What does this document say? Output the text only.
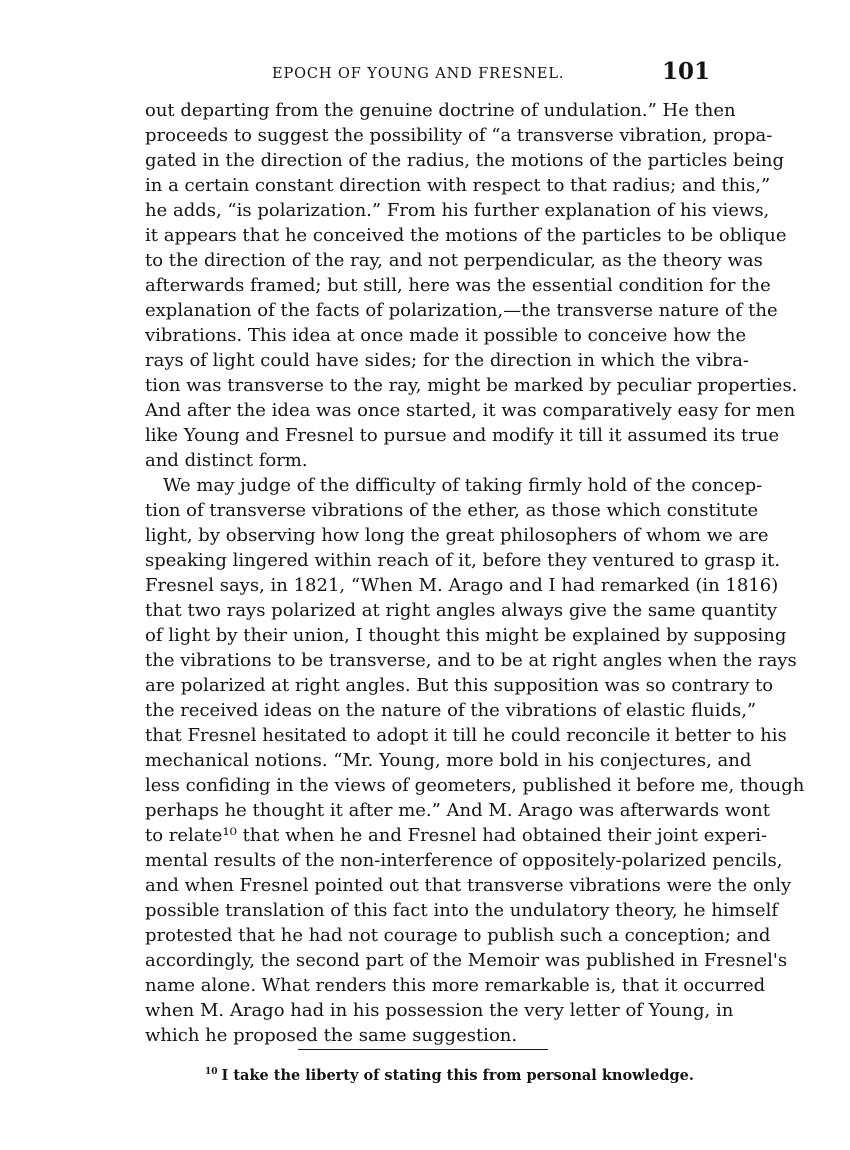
EPOCH OF YOUNG AND FRESNEL.	101
out departing from the genuine doctrine of undulation.” He then
proceeds to suggest the possibility of “a transverse vibration, propa-
gated in the direction of the radius, the motions of the particles being
in a certain constant direction with respect to that radius; and this,”
he adds, “is polarization.” From his further explanation of his views,
it appears that he conceived the motions of the particles to be oblique
to the direction of the ray, and not perpendicular, as the theory was
afterwards framed; but still, here was the essential condition for the
explanation of the facts of polarization,—the transverse nature of the
vibrations. This idea at once made it possible to conceive how the
rays of light could have sides; for the direction in which the vibra-
tion was transverse to the ray, might be marked by peculiar properties.
And after the idea was once started, it was comparatively easy for men
like Young and Fresnel to pursue and modify it till it assumed its true
and distinct form.
We may judge of the difficulty of taking firmly hold of the concep-
tion of transverse vibrations of the ether, as those which constitute
light, by observing how long the great philosophers of whom we are
speaking lingered within reach of it, before they ventured to grasp it.
Fresnel says, in 1821, “When M. Arago and I had remarked (in 1816)
that two rays polarized at right angles always give the same quantity
of light by their union, I thought this might be explained by supposing
the vibrations to be transverse, and to be at right angles when the rays
are polarized at right angles. But this supposition was so contrary to
the received ideas on the nature of the vibrations of elastic fluids,”
that Fresnel hesitated to adopt it till he could reconcile it better to his
mechanical notions. “Mr. Young, more bold in his conjectures, and
less confiding in the views of geometers, published it before me, though
perhaps he thought it after me.” And M. Arago was afterwards wont
to relate¹⁰ that when he and Fresnel had obtained their joint experi-
mental results of the non-interference of oppositely-polarized pencils,
and when Fresnel pointed out that transverse vibrations were the only
possible translation of this fact into the undulatory theory, he himself
protested that he had not courage to publish such a conception; and
accordingly, the second part of the Memoir was published in Fresnel's
name alone. What renders this more remarkable is, that it occurred
when M. Arago had in his possession the very letter of Young, in
which he proposed the same suggestion.
$^{10}$ I take the liberty of stating this from personal knowledge.
